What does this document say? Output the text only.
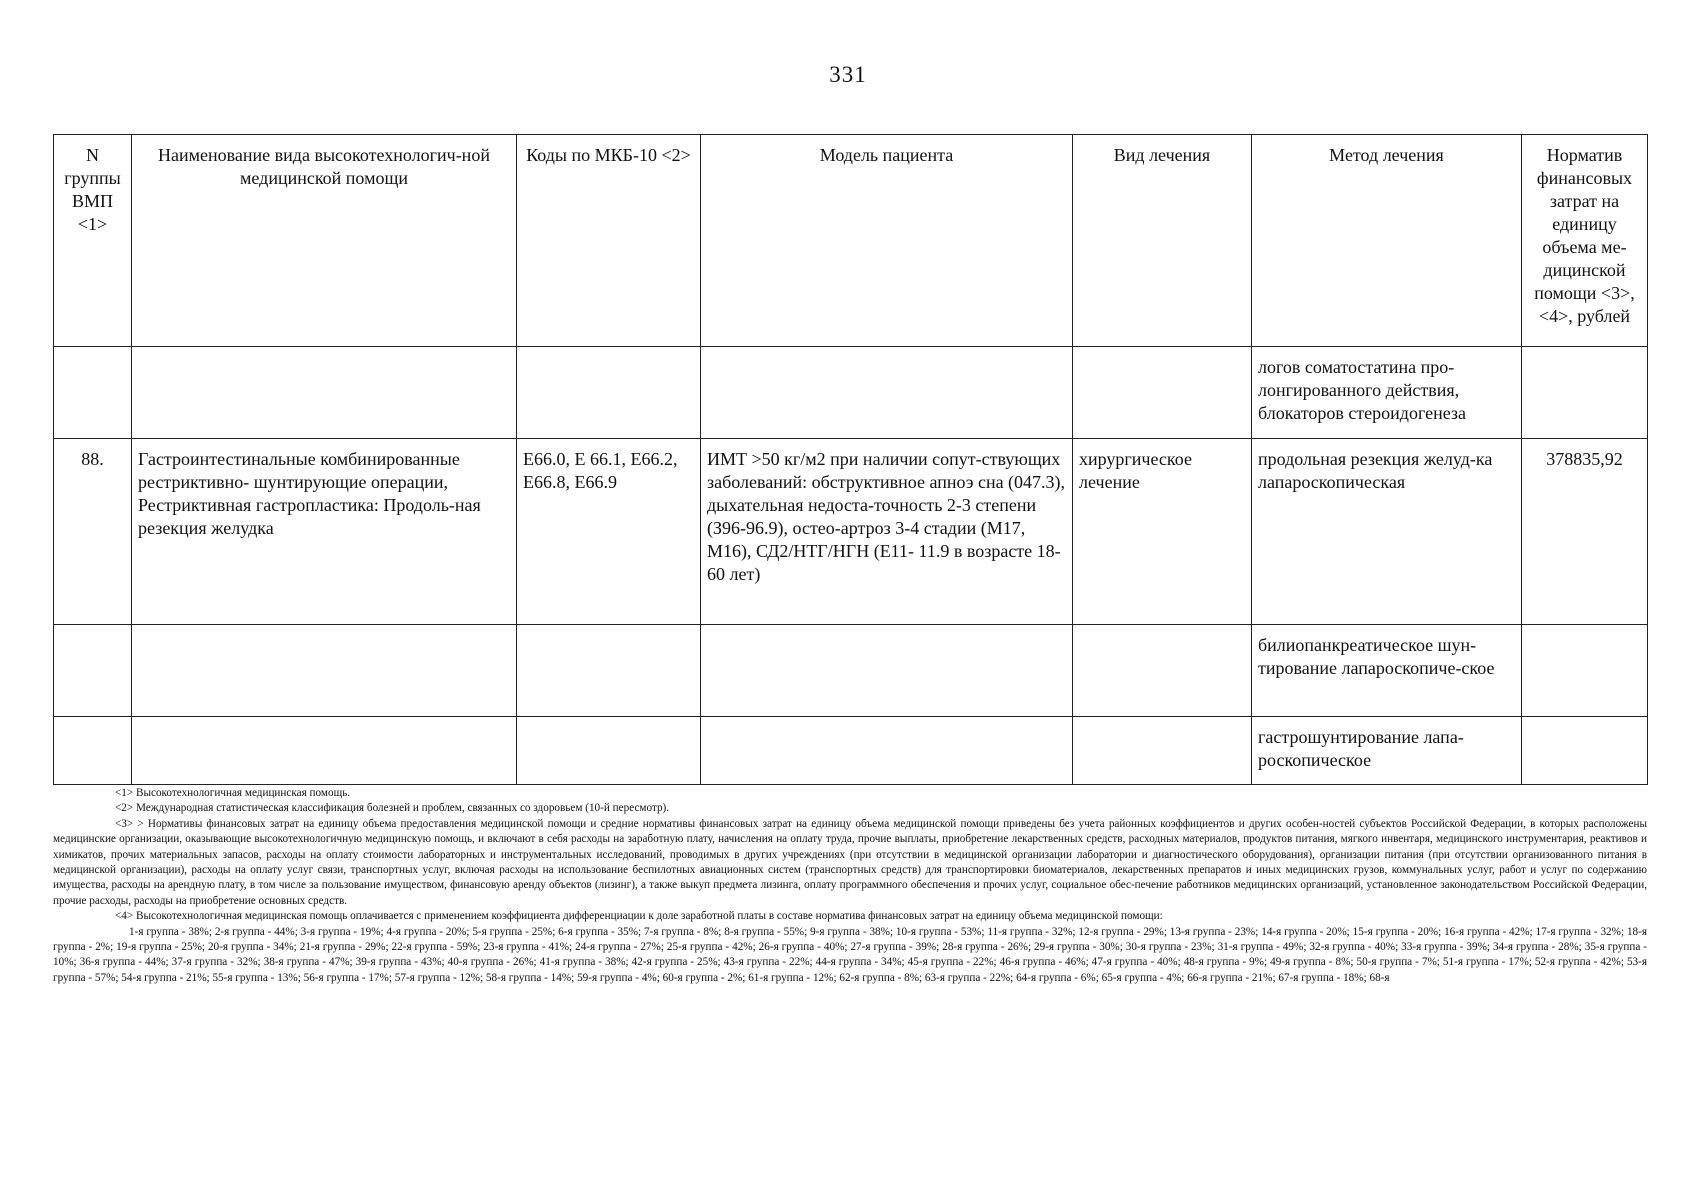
331
N группы ВМП <1>	Наименование вида высокотехнологич-ной медицинской помощи	Коды по МКБ-10 <2>	Модель пациента	Вид лечения	Метод лечения	Норматив финансовых затрат на единицу объема ме-дицинской помощи <3>, <4>, рублей
					логов соматостатина про-лонгированного действия, блокаторов стероидогенеза	
88.	Гастроинтестинальные комбинированные рестриктивно- шунтирующие операции, Рестриктивная гастропластика: Продоль-ная резекция желудка	E66.0, E 66.1, E66.2, E66.8, E66.9	ИМТ >50 кг/м2 при наличии сопут-ствующих заболеваний: обструктивное апноэ сна (047.3), дыхательная недоста-точность 2-3 степени (З96-96.9), остео-артроз 3-4 стадии (М17, М16), СД2/НТГ/НГН (Е11- 11.9 в возрасте 18-60 лет)	хирургическое лечение	продольная резекция желуд-ка лапароскопическая	378835,92
					билиопанкреатическое шун-тирование лапароскопиче-ское	
					гастрошунтирование лапа-роскопическое	

<1> Высокотехнологичная медицинская помощь.

<2> Международная статистическая классификация болезней и проблем, связанных со здоровьем (10-й пересмотр).

<3> > Нормативы финансовых затрат на единицу объема предоставления медицинской помощи и средние нормативы финансовых затрат на единицу объема медицинской помощи приведены без учета районных коэффициентов и других особен-ностей субъектов Российской Федерации, в которых расположены медицинские организации, оказывающие высокотехнологичную медицинскую помощь, и включают в себя расходы на заработную плату, начисления на оплату труда, прочие выплаты, приобретение лекарственных средств, расходных материалов, продуктов питания, мягкого инвентаря, медицинского инструментария, реактивов и химикатов, прочих материальных запасов, расходы на оплату стоимости лабораторных и инструментальных исследований, проводимых в других учреждениях (при отсутствии в медицинской организации лаборатории и диагностического оборудования), организации питания (при отсутствии организованного питания в медицинской организации), расходы на оплату услуг связи, транспортных услуг, включая расходы на использование беспилотных авиационных систем (транспортных средств) для транспортировки биоматериалов, лекарственных препаратов и иных медицинских грузов, коммунальных услуг, работ и услуг по содержанию имущества, расходы на арендную плату, в том числе за пользование имуществом, финансовую аренду объектов (лизинг), а также выкуп предмета лизинга, оплату программного обеспечения и прочих услуг, социальное обес-печение работников медицинских организаций, установленное законодательством Российской Федерации, прочие расходы, расходы на приобретение основных средств.

<4> Высокотехнологичная медицинская помощь оплачивается с применением коэффициента дифференциации к доле заработной платы в составе норматива финансовых затрат на единицу объема медицинской помощи:

1-я группа - 38%; 2-я группа - 44%; 3-я группа - 19%; 4-я группа - 20%; 5-я группа - 25%; 6-я группа - 35%; 7-я группа - 8%; 8-я группа - 55%; 9-я группа - 38%; 10-я группа - 53%; 11-я группа - 32%; 12-я группа - 29%; 13-я группа - 23%; 14-я группа - 20%; 15-я группа - 20%; 16-я группа - 42%; 17-я группа - 32%; 18-я группа - 2%; 19-я группа - 25%; 20-я группа - 34%; 21-я группа - 29%; 22-я группа - 59%; 23-я группа - 41%; 24-я группа - 27%; 25-я группа - 42%; 26-я группа - 40%; 27-я группа - 39%; 28-я группа - 26%; 29-я группа - 30%; 30-я группа - 23%; 31-я группа - 49%; 32-я группа - 40%; 33-я группа - 39%; 34-я группа - 28%; 35-я группа - 10%; 36-я группа - 44%; 37-я группа - 32%; 38-я группа - 47%; 39-я группа - 43%; 40-я группа - 26%; 41-я группа - 38%; 42-я группа - 25%; 43-я группа - 22%; 44-я группа - 34%; 45-я группа - 22%; 46-я группа - 46%; 47-я группа - 40%; 48-я группа - 9%; 49-я группа - 8%; 50-я группа - 7%; 51-я группа - 17%; 52-я группа - 42%; 53-я группа - 57%; 54-я группа - 21%; 55-я группа - 13%; 56-я группа - 17%; 57-я группа - 12%; 58-я группа - 14%; 59-я группа - 4%; 60-я группа - 2%; 61-я группа - 12%; 62-я группа - 8%; 63-я группа - 22%; 64-я группа - 6%; 65-я группа - 4%; 66-я группа - 21%; 67-я группа - 18%; 68-я
